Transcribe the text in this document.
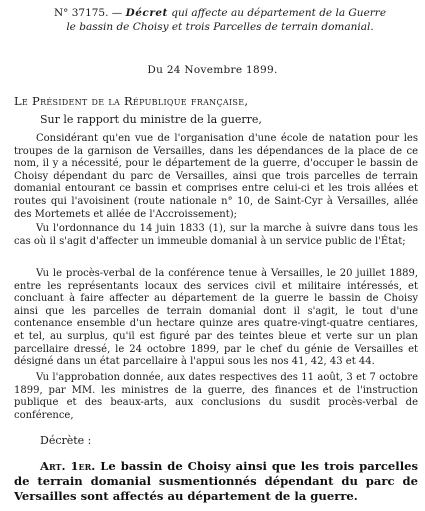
N° 37175. — Décret qui affecte au département de la Guerre
le bassin de Choisy et trois Parcelles de terrain domanial.
Du 24 Novembre 1899.
Le Président de la République française,
Sur le rapport du ministre de la guerre,
Considérant qu'en vue de l'organisation d'une école de natation pour les troupes de la garnison de Versailles, dans les dépendances de la place de ce nom, il y a nécessité, pour le département de la guerre, d'occuper le bassin de Choisy dépendant du parc de Versailles, ainsi que trois parcelles de terrain domanial entourant ce bassin et comprises entre celui-ci et les trois allées et routes qui l'avoisinent (route nationale n° 10, de Saint-Cyr à Versailles, allée des Mortemets et allée de l'Accroissement);
Vu l'ordonnance du 14 juin 1833 (1), sur la marche à suivre dans tous les cas où il s'agit d'affecter un immeuble domanial à un service public de l'État;
Vu le procès-verbal de la conférence tenue à Versailles, le 20 juillet 1889, entre les représentants locaux des services civil et militaire intéressés, et concluant à faire affecter au département de la guerre le bassin de Choisy ainsi que les parcelles de terrain domanial dont il s'agit, le tout d'une contenance ensemble d'un hectare quinze ares quatre-vingt-quatre centiares, et tel, au surplus, qu'il est figuré par des teintes bleue et verte sur un plan parcellaire dressé, le 24 octobre 1899, par le chef du génie de Versailles et désigné dans un état parcellaire à l'appui sous les nos 41, 42, 43 et 44.
Vu l'approbation donnée, aux dates respectives des 11 août, 3 et 7 octobre 1899, par MM. les ministres de la guerre, des finances et de l'instruction publique et des beaux-arts, aux conclusions du susdit procès-verbal de conférence,
Décrète :
Art. 1er. Le bassin de Choisy ainsi que les trois parcelles de terrain domanial susmentionnés dépendant du parc de Versailles sont affectés au département de la guerre.
